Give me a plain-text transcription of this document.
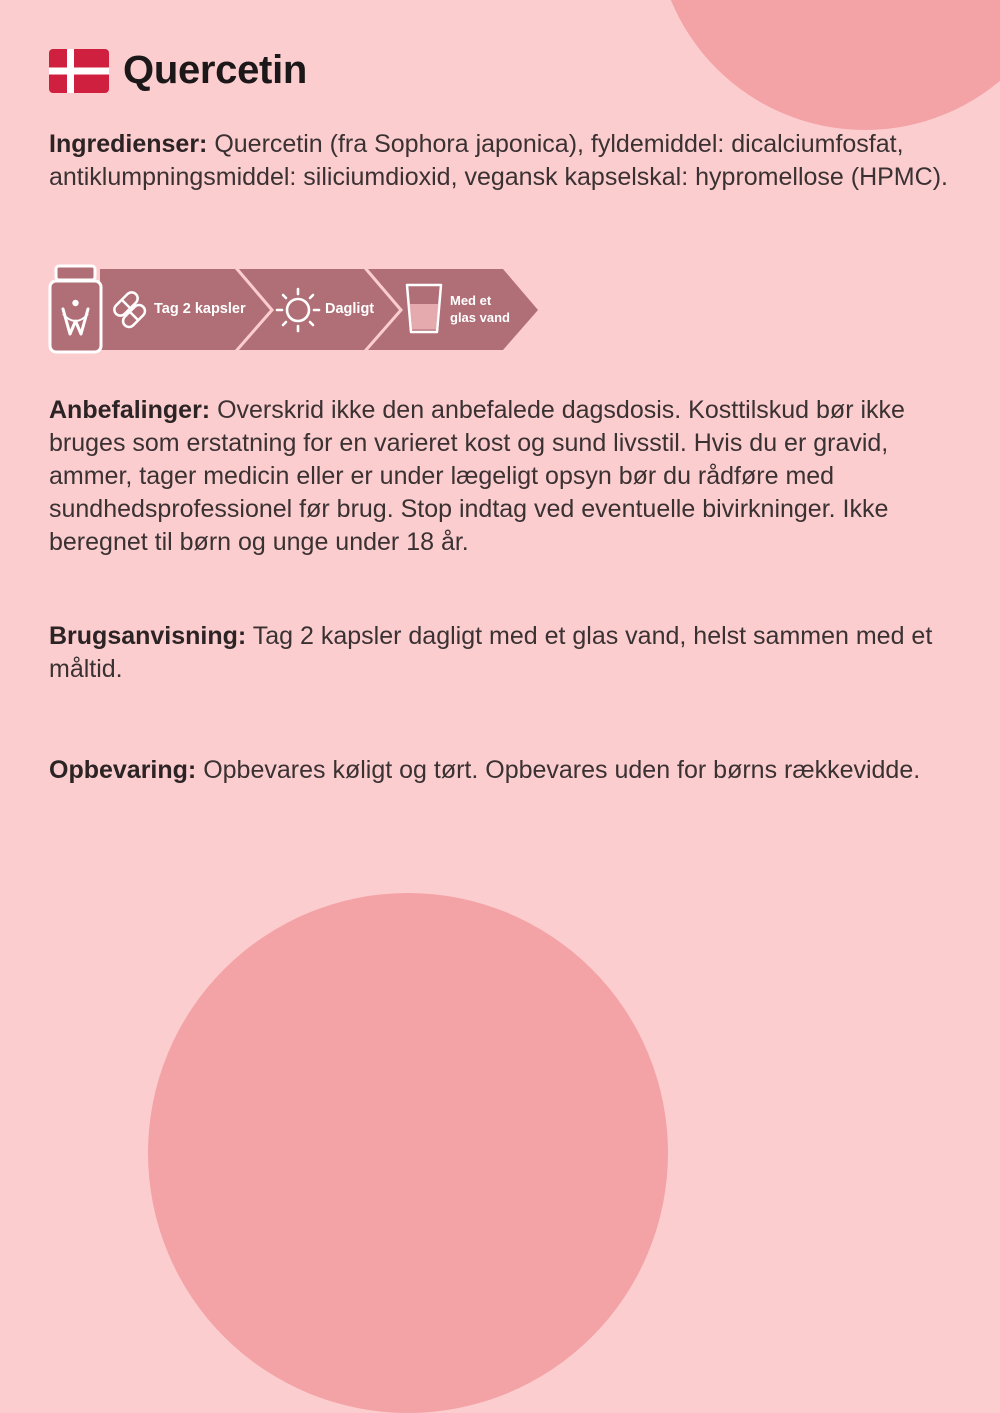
Quercetin
Ingredienser: Quercetin (fra Sophora japonica), fyldemiddel: dicalciumfosfat, antiklumpningsmiddel: siliciumdioxid, vegansk kapselskal: hypromellose (HPMC).
Tag 2 kapsler	Dagligt
Med et glas vand
Anbefalinger: Overskrid ikke den anbefalede dagsdosis. Kosttilskud bør ikke bruges som erstatning for en varieret kost og sund livsstil. Hvis du er gravid, ammer, tager medicin eller er under lægeligt opsyn bør du rådføre med sundhedsprofessionel før brug. Stop indtag ved eventuelle bivirkninger. Ikke beregnet til børn og unge under 18 år.
Brugsanvisning: Tag 2 kapsler dagligt med et glas vand, helst sammen med et måltid.
Opbevaring: Opbevares køligt og tørt. Opbevares uden for børns rækkevidde.
